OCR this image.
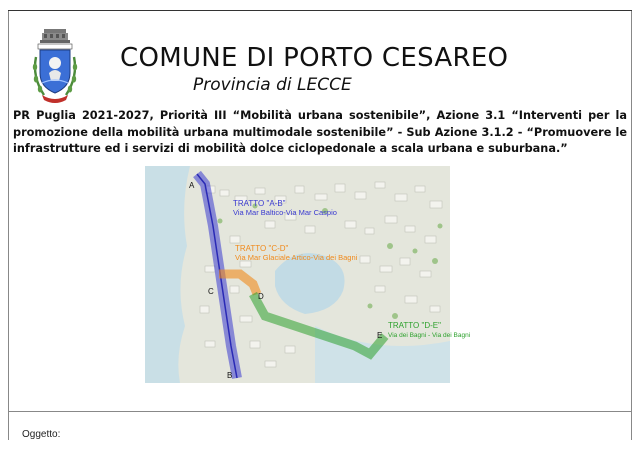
COMUNE DI PORTO CESAREO
Provincia di LECCE
PR Puglia 2021-2027, Priorità III “Mobilità urbana sostenibile”, Azione 3.1 “Interventi per la promozione della mobilità urbana multimodale sostenibile” - Sub Azione 3.1.2 - “Promuovere le infrastrutture ed i servizi di mobilità dolce ciclopedonale a scala urbana e suburbana.”
TRATTO "A-B"
Via Mar Baltico-Via Mar Caspio
TRATTO "C-D"
Via Mar Glaciale Artico-Via dei Bagni
TRATTO "D-E"
Via dei Bagni - Via dei Bagni
A
B
C
D
E
Oggetto:
